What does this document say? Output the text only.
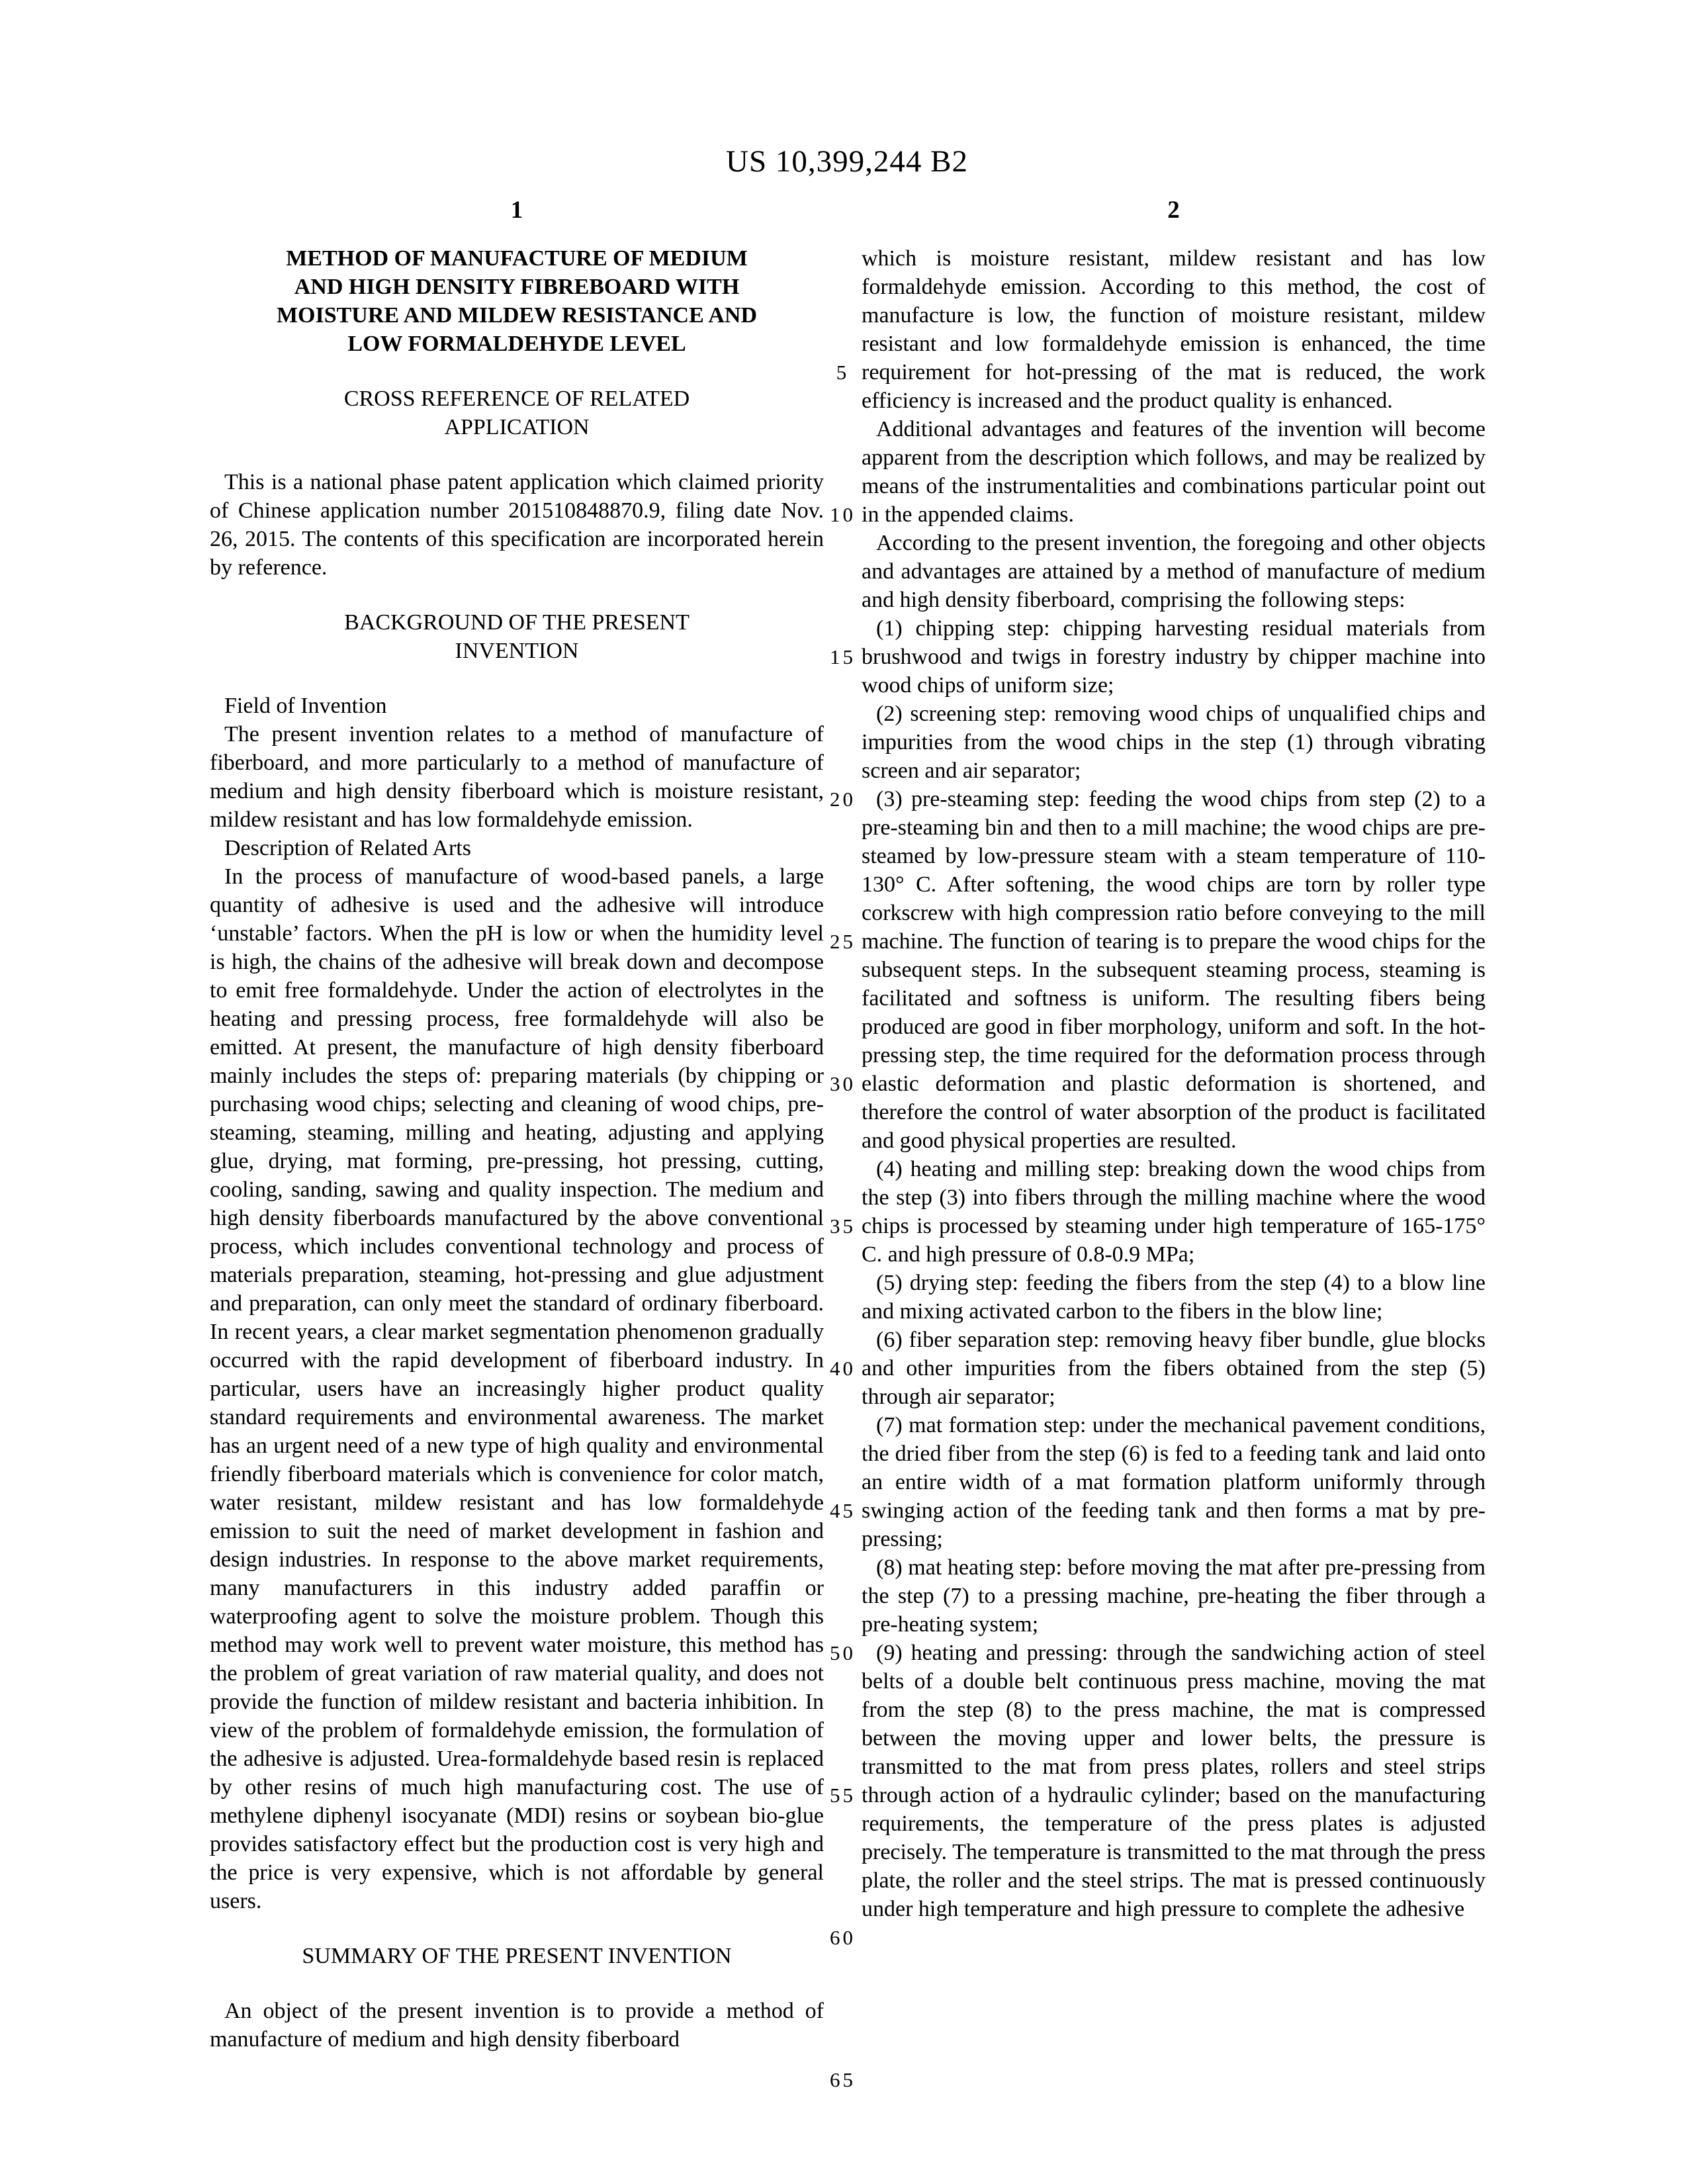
US 10,399,244 B2
1
METHOD OF MANUFACTURE OF MEDIUM AND HIGH DENSITY FIBREBOARD WITH MOISTURE AND MILDEW RESISTANCE AND LOW FORMALDEHYDE LEVEL
CROSS REFERENCE OF RELATED APPLICATION

This is a national phase patent application which claimed priority of Chinese application number 201510848870.9, filing date Nov. 26, 2015. The contents of this specification are incorporated herein by reference.

BACKGROUND OF THE PRESENT INVENTION

Field of Invention

The present invention relates to a method of manufacture of fiberboard, and more particularly to a method of manufacture of medium and high density fiberboard which is moisture resistant, mildew resistant and has low formaldehyde emission.

Description of Related Arts

In the process of manufacture of wood-based panels, a large quantity of adhesive is used and the adhesive will introduce ‘unstable’ factors. When the pH is low or when the humidity level is high, the chains of the adhesive will break down and decompose to emit free formaldehyde. Under the action of electrolytes in the heating and pressing process, free formaldehyde will also be emitted. At present, the manufacture of high density fiberboard mainly includes the steps of: preparing materials (by chipping or purchasing wood chips; selecting and cleaning of wood chips, pre-steaming, steaming, milling and heating, adjusting and applying glue, drying, mat forming, pre-pressing, hot pressing, cutting, cooling, sanding, sawing and quality inspection. The medium and high density fiberboards manufactured by the above conventional process, which includes conventional technology and process of materials preparation, steaming, hot-pressing and glue adjustment and preparation, can only meet the standard of ordinary fiberboard. In recent years, a clear market segmentation phenomenon gradually occurred with the rapid development of fiberboard industry. In particular, users have an increasingly higher product quality standard requirements and environmental awareness. The market has an urgent need of a new type of high quality and environmental friendly fiberboard materials which is convenience for color match, water resistant, mildew resistant and has low formaldehyde emission to suit the need of market development in fashion and design industries. In response to the above market requirements, many manufacturers in this industry added paraffin or waterproofing agent to solve the moisture problem. Though this method may work well to prevent water moisture, this method has the problem of great variation of raw material quality, and does not provide the function of mildew resistant and bacteria inhibition. In view of the problem of formaldehyde emission, the formulation of the adhesive is adjusted. Urea-formaldehyde based resin is replaced by other resins of much high manufacturing cost. The use of methylene diphenyl isocyanate (MDI) resins or soybean bio-glue provides satisfactory effect but the production cost is very high and the price is very expensive, which is not affordable by general users.

SUMMARY OF THE PRESENT INVENTION

An object of the present invention is to provide a method of manufacture of medium and high density fiberboard

5
10
15
20
25
30
35
40
45
50
55
60
65
2

which is moisture resistant, mildew resistant and has low formaldehyde emission. According to this method, the cost of manufacture is low, the function of moisture resistant, mildew resistant and low formaldehyde emission is enhanced, the time requirement for hot-pressing of the mat is reduced, the work efficiency is increased and the product quality is enhanced.

Additional advantages and features of the invention will become apparent from the description which follows, and may be realized by means of the instrumentalities and combinations particular point out in the appended claims.

According to the present invention, the foregoing and other objects and advantages are attained by a method of manufacture of medium and high density fiberboard, comprising the following steps:

(1) chipping step: chipping harvesting residual materials from brushwood and twigs in forestry industry by chipper machine into wood chips of uniform size;

(2) screening step: removing wood chips of unqualified chips and impurities from the wood chips in the step (1) through vibrating screen and air separator;

(3) pre-steaming step: feeding the wood chips from step (2) to a pre-steaming bin and then to a mill machine; the wood chips are pre-steamed by low-pressure steam with a steam temperature of 110-130° C. After softening, the wood chips are torn by roller type corkscrew with high compression ratio before conveying to the mill machine. The function of tearing is to prepare the wood chips for the subsequent steps. In the subsequent steaming process, steaming is facilitated and softness is uniform. The resulting fibers being produced are good in fiber morphology, uniform and soft. In the hot-pressing step, the time required for the deformation process through elastic deformation and plastic deformation is shortened, and therefore the control of water absorption of the product is facilitated and good physical properties are resulted.

(4) heating and milling step: breaking down the wood chips from the step (3) into fibers through the milling machine where the wood chips is processed by steaming under high temperature of 165-175° C. and high pressure of 0.8-0.9 MPa;

(5) drying step: feeding the fibers from the step (4) to a blow line and mixing activated carbon to the fibers in the blow line;

(6) fiber separation step: removing heavy fiber bundle, glue blocks and other impurities from the fibers obtained from the step (5) through air separator;

(7) mat formation step: under the mechanical pavement conditions, the dried fiber from the step (6) is fed to a feeding tank and laid onto an entire width of a mat formation platform uniformly through swinging action of the feeding tank and then forms a mat by pre-pressing;

(8) mat heating step: before moving the mat after pre-pressing from the step (7) to a pressing machine, pre-heating the fiber through a pre-heating system;

(9) heating and pressing: through the sandwiching action of steel belts of a double belt continuous press machine, moving the mat from the step (8) to the press machine, the mat is compressed between the moving upper and lower belts, the pressure is transmitted to the mat from press plates, rollers and steel strips through action of a hydraulic cylinder; based on the manufacturing requirements, the temperature of the press plates is adjusted precisely. The temperature is transmitted to the mat through the press plate, the roller and the steel strips. The mat is pressed continuously under high temperature and high pressure to complete the adhesive
